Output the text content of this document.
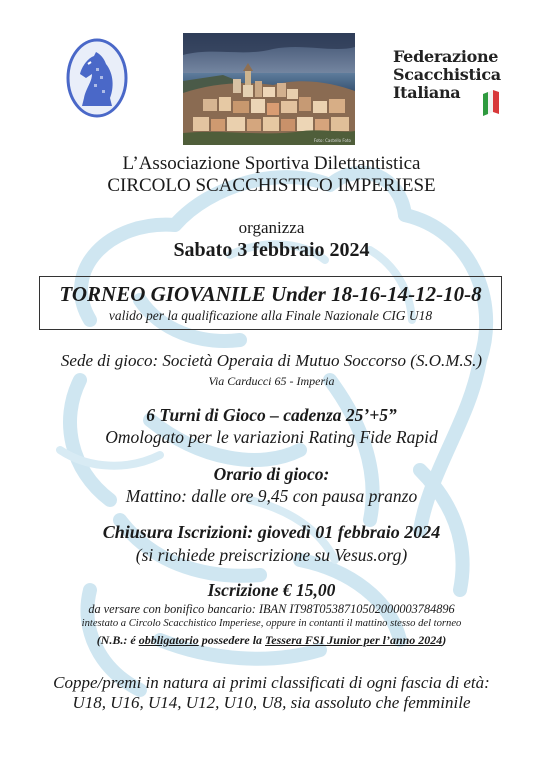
Foto: Castello Foto
Federazione
Scacchistica
Italiana
L’Associazione Sportiva Dilettantistica
CIRCOLO SCACCHISTICO IMPERIESE
organizza
Sabato 3 febbraio 2024
TORNEO GIOVANILE Under 18-16-14-12-10-8
valido per la qualificazione alla Finale Nazionale CIG U18
Sede di gioco: Società Operaia di Mutuo Soccorso (S.O.M.S.)
Via Carducci 65 - Imperia
6 Turni di Gioco – cadenza 25’+5”
Omologato per le variazioni Rating Fide Rapid
Orario di gioco:
Mattino: dalle ore 9,45 con pausa pranzo
Chiusura Iscrizioni: giovedì 01 febbraio 2024
(si richiede preiscrizione su Vesus.org)
Iscrizione € 15,00
da versare con bonifico bancario: IBAN IT98T0538710502000003784896
intestato a Circolo Scacchistico Imperiese, oppure in contanti il mattino stesso del torneo
(N.B.: é obbligatorio possedere la Tessera FSI Junior per l’anno 2024)
Coppe/premi in natura ai primi classificati di ogni fascia di età:
U18, U16, U14, U12, U10, U8, sia assoluto che femminile
